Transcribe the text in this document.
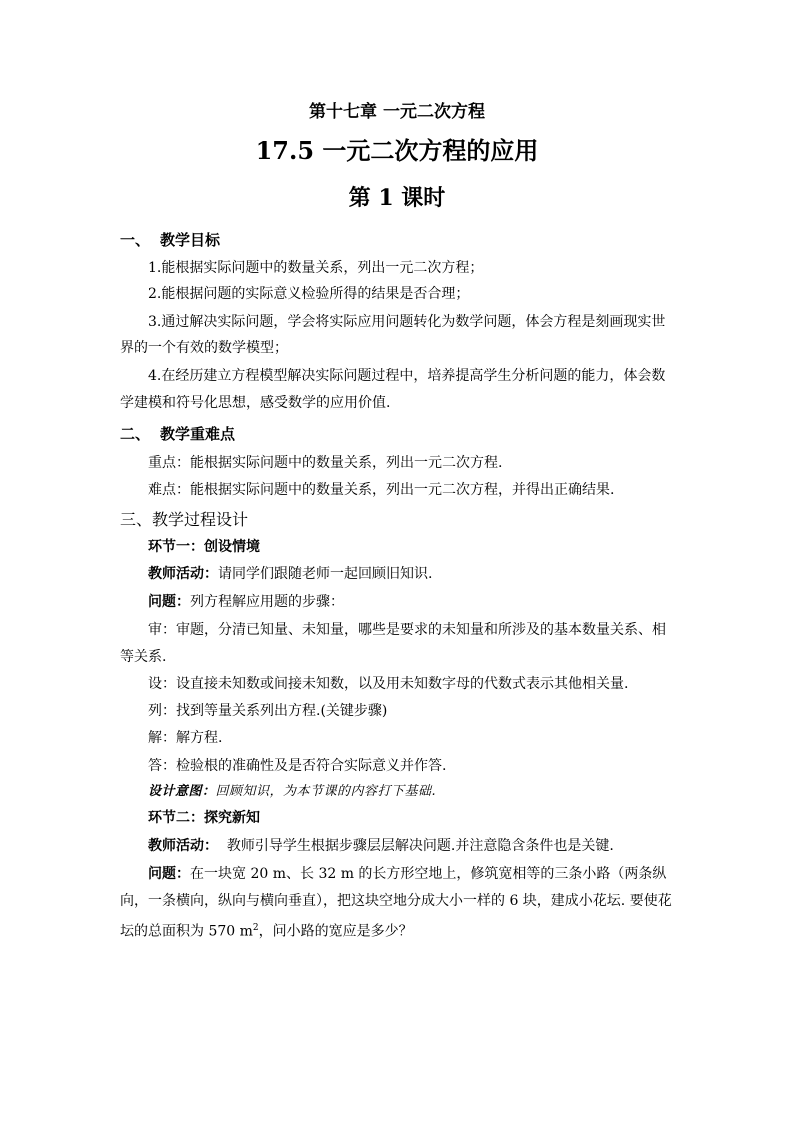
第十七章 一元二次方程
17.5 一元二次方程的应用
第 1 课时
一、 教学目标
1.能根据实际问题中的数量关系，列出一元二次方程；
2.能根据问题的实际意义检验所得的结果是否合理；
3.通过解决实际问题，学会将实际应用问题转化为数学问题，体会方程是刻画现实世
界的一个有效的数学模型；
4.在经历建立方程模型解决实际问题过程中，培养提高学生分析问题的能力，体会数
学建模和符号化思想，感受数学的应用价值.
二、 教学重难点
重点：能根据实际问题中的数量关系，列出一元二次方程.
难点：能根据实际问题中的数量关系，列出一元二次方程，并得出正确结果.
三、教学过程设计
环节一：创设情境
教师活动：请同学们跟随老师一起回顾旧知识.
问题：列方程解应用题的步骤：
审：审题，分清已知量、未知量，哪些是要求的未知量和所涉及的基本数量关系、相
等关系.
设：设直接未知数或间接未知数，以及用未知数字母的代数式表示其他相关量.
列：找到等量关系列出方程.(关键步骤)
解：解方程.
答：检验根的准确性及是否符合实际意义并作答.
设计意图：回顾知识，为本节课的内容打下基础.
环节二：探究新知
教师活动：  教师引导学生根据步骤层层解决问题.并注意隐含条件也是关键.
问题：在一块宽 20 m、长 32 m 的长方形空地上，修筑宽相等的三条小路（两条纵
向，一条横向，纵向与横向垂直），把这块空地分成大小一样的 6 块，建成小花坛. 要使花
坛的总面积为 570 $m^2$，问小路的宽应是多少？
